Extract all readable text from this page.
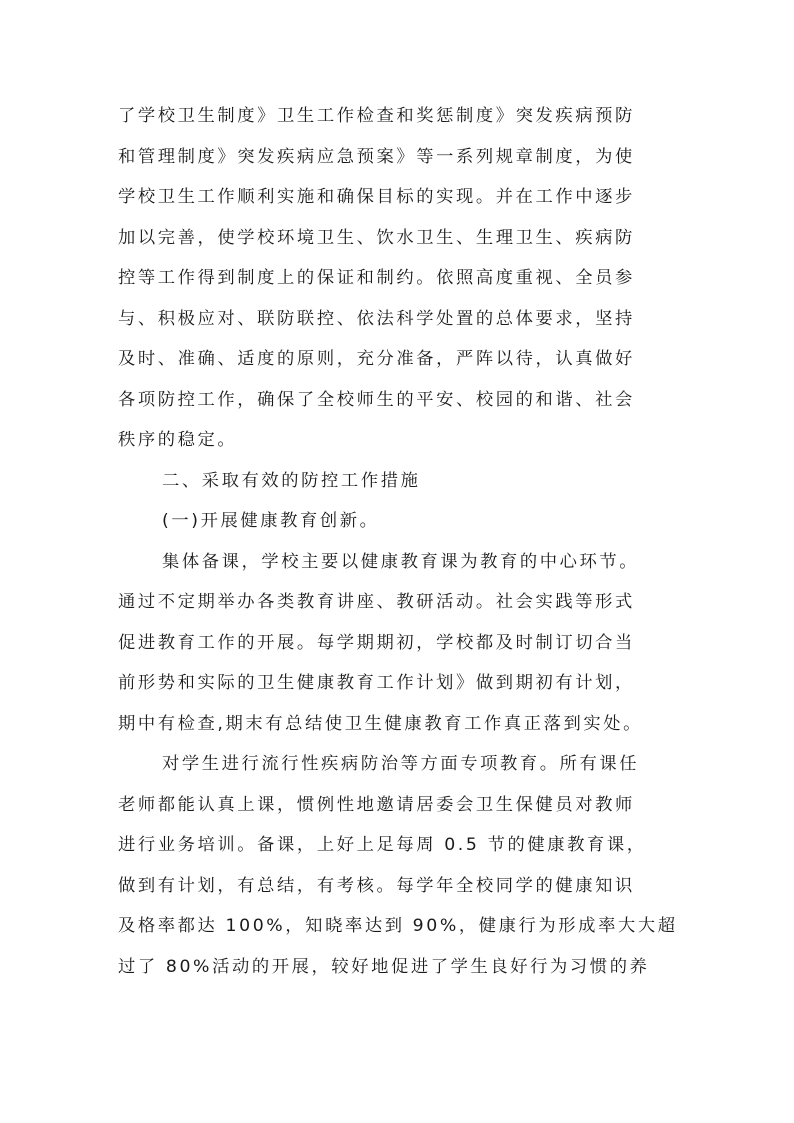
了学校卫生制度》卫生工作检查和奖惩制度》突发疾病预防
和管理制度》突发疾病应急预案》等一系列规章制度，为使
学校卫生工作顺利实施和确保目标的实现。并在工作中逐步
加以完善，使学校环境卫生、饮水卫生、生理卫生、疾病防
控等工作得到制度上的保证和制约。依照高度重视、全员参
与、积极应对、联防联控、依法科学处置的总体要求，坚持
及时、准确、适度的原则，充分准备，严阵以待，认真做好
各项防控工作，确保了全校师生的平安、校园的和谐、社会
秩序的稳定。
二、采取有效的防控工作措施
(一)开展健康教育创新。
集体备课，学校主要以健康教育课为教育的中心环节。
通过不定期举办各类教育讲座、教研活动。社会实践等形式
促进教育工作的开展。每学期期初，学校都及时制订切合当
前形势和实际的卫生健康教育工作计划》做到期初有计划，
期中有检查,期末有总结使卫生健康教育工作真正落到实处。
对学生进行流行性疾病防治等方面专项教育。所有课任
老师都能认真上课，惯例性地邀请居委会卫生保健员对教师
进行业务培训。备课，上好上足每周 0.5 节的健康教育课，
做到有计划，有总结，有考核。每学年全校同学的健康知识
及格率都达 100%，知晓率达到 90%，健康行为形成率大大超
过了 80%活动的开展，较好地促进了学生良好行为习惯的养
